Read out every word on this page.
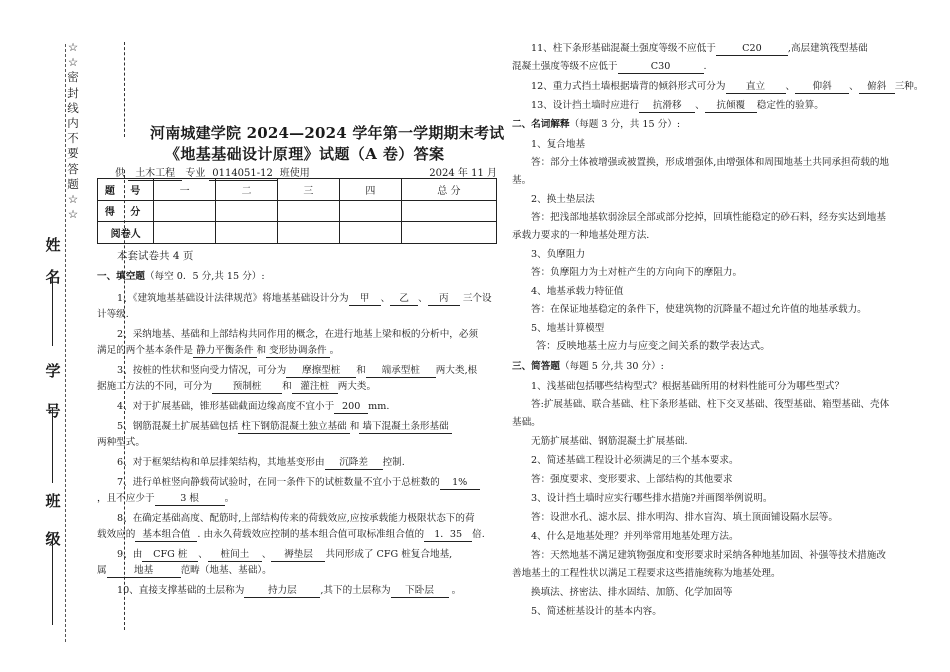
☆
☆
密
封
线
内
不
要
答
题
☆
☆
姓
名
学
号
班
级
河南城建学院 2024—2024 学年第一学期期末考试
《地基基础设计原理》试题（A 卷）答案
供 土木工程 专业 0114051-12 班使用	2024 年 11 月
题 号	一	二	三	四	总 分
得 分					
阅卷人					
本套试卷共 4 页
一、填空题（每空 0．5 分,共 15 分）:
1、《建筑地基基础设计法律规范》将地基基础设计分为 甲 、 乙 、 丙 三个设
计等级.
2、采纳地基、基础和上部结构共同作用的概念，在进行地基上梁和板的分析中，必须
满足的两个基本条件是 静力平衡条件 和 变形协调条件 。
3、按桩的性状和竖向受力情况，可分为 摩擦型桩 和 端承型桩 两大类,根
据施工方法的不同，可分为 预制桩 和 灌注桩 两大类。
4、对于扩展基础，锥形基础截面边缘高度不宜小于 200 mm.
5、钢筋混凝土扩展基础包括 柱下钢筋混凝土独立基础 和 墙下混凝土条形基础
两种型式。
6、对于框架结构和单层排架结构，其地基变形由 沉降差 控制.
7、进行单桩竖向静载荷试验时，在同一条件下的试桩数量不宜小于总桩数的 1%
，且不应少于	3 根	。
8、在确定基础高度、配筋时,上部结构传来的荷载效应,应按承载能力极限状态下的荷
载效应的 基本组合值 . 由永久荷载效应控制的基本组合值可取标准组合值的 1．35 倍.
9、由 CFG 桩 、 桩间土 、 褥垫层 共同形成了 CFG 桩复合地基,
属	地基	范畴（地基、基础）。
10、直接支撑基础的土层称为 持力层 ,其下的土层称为 下卧层 。
11、柱下条形基础混凝土强度等级不应低于	C20	,高层建筑筏型基础
混凝土强度等级不应低于	C30	.
12、重力式挡土墙根据墙背的倾斜形式可分为 直立 、 仰斜 、 俯斜 三种。
13、设计挡土墙时应进行 抗滑移 、 抗倾覆 稳定性的验算。
二、名词解释（每题 3 分，共 15 分）:
1、复合地基
答：部分土体被增强或被置换，形成增强体,由增强体和周围地基土共同承担荷载的地
基。
2、换土垫层法
答：把浅部地基软弱涂层全部或部分挖掉，回填性能稳定的砂石料，经夯实达到地基
承载力要求的一种地基处理方法.
3、负摩阻力
答：负摩阻力为土对桩产生的方向向下的摩阻力。
4、地基承载力特征值
答：在保证地基稳定的条件下，使建筑物的沉降量不超过允许值的地基承载力。
5、地基计算模型
答：反映地基土应力与应变之间关系的数学表达式。
三、简答题（每题 5 分,共 30 分）:
1、浅基础包括哪些结构型式？根据基础所用的材料性能可分为哪些型式？
答:扩展基础、联合基础、柱下条形基础、柱下交叉基础、筏型基础、箱型基础、壳体
基础。
无筋扩展基础、钢筋混凝土扩展基础.
2、简述基础工程设计必须满足的三个基本要求。
答：强度要求、变形要求、上部结构的其他要求
3、设计挡土墙时应实行哪些排水措施?并画图举例说明。
答：设泄水孔、滤水层、排水明沟、排水盲沟、填土顶面铺设隔水层等。
4、什么是地基处理？并列举常用地基处理方法。
答：天然地基不满足建筑物强度和变形要求时采纳各种地基加固、补强等技术措施改
善地基土的工程性状以满足工程要求这些措施统称为地基处理。
换填法、挤密法、排水固结、加筋、化学加固等
5、简述桩基设计的基本内容。
